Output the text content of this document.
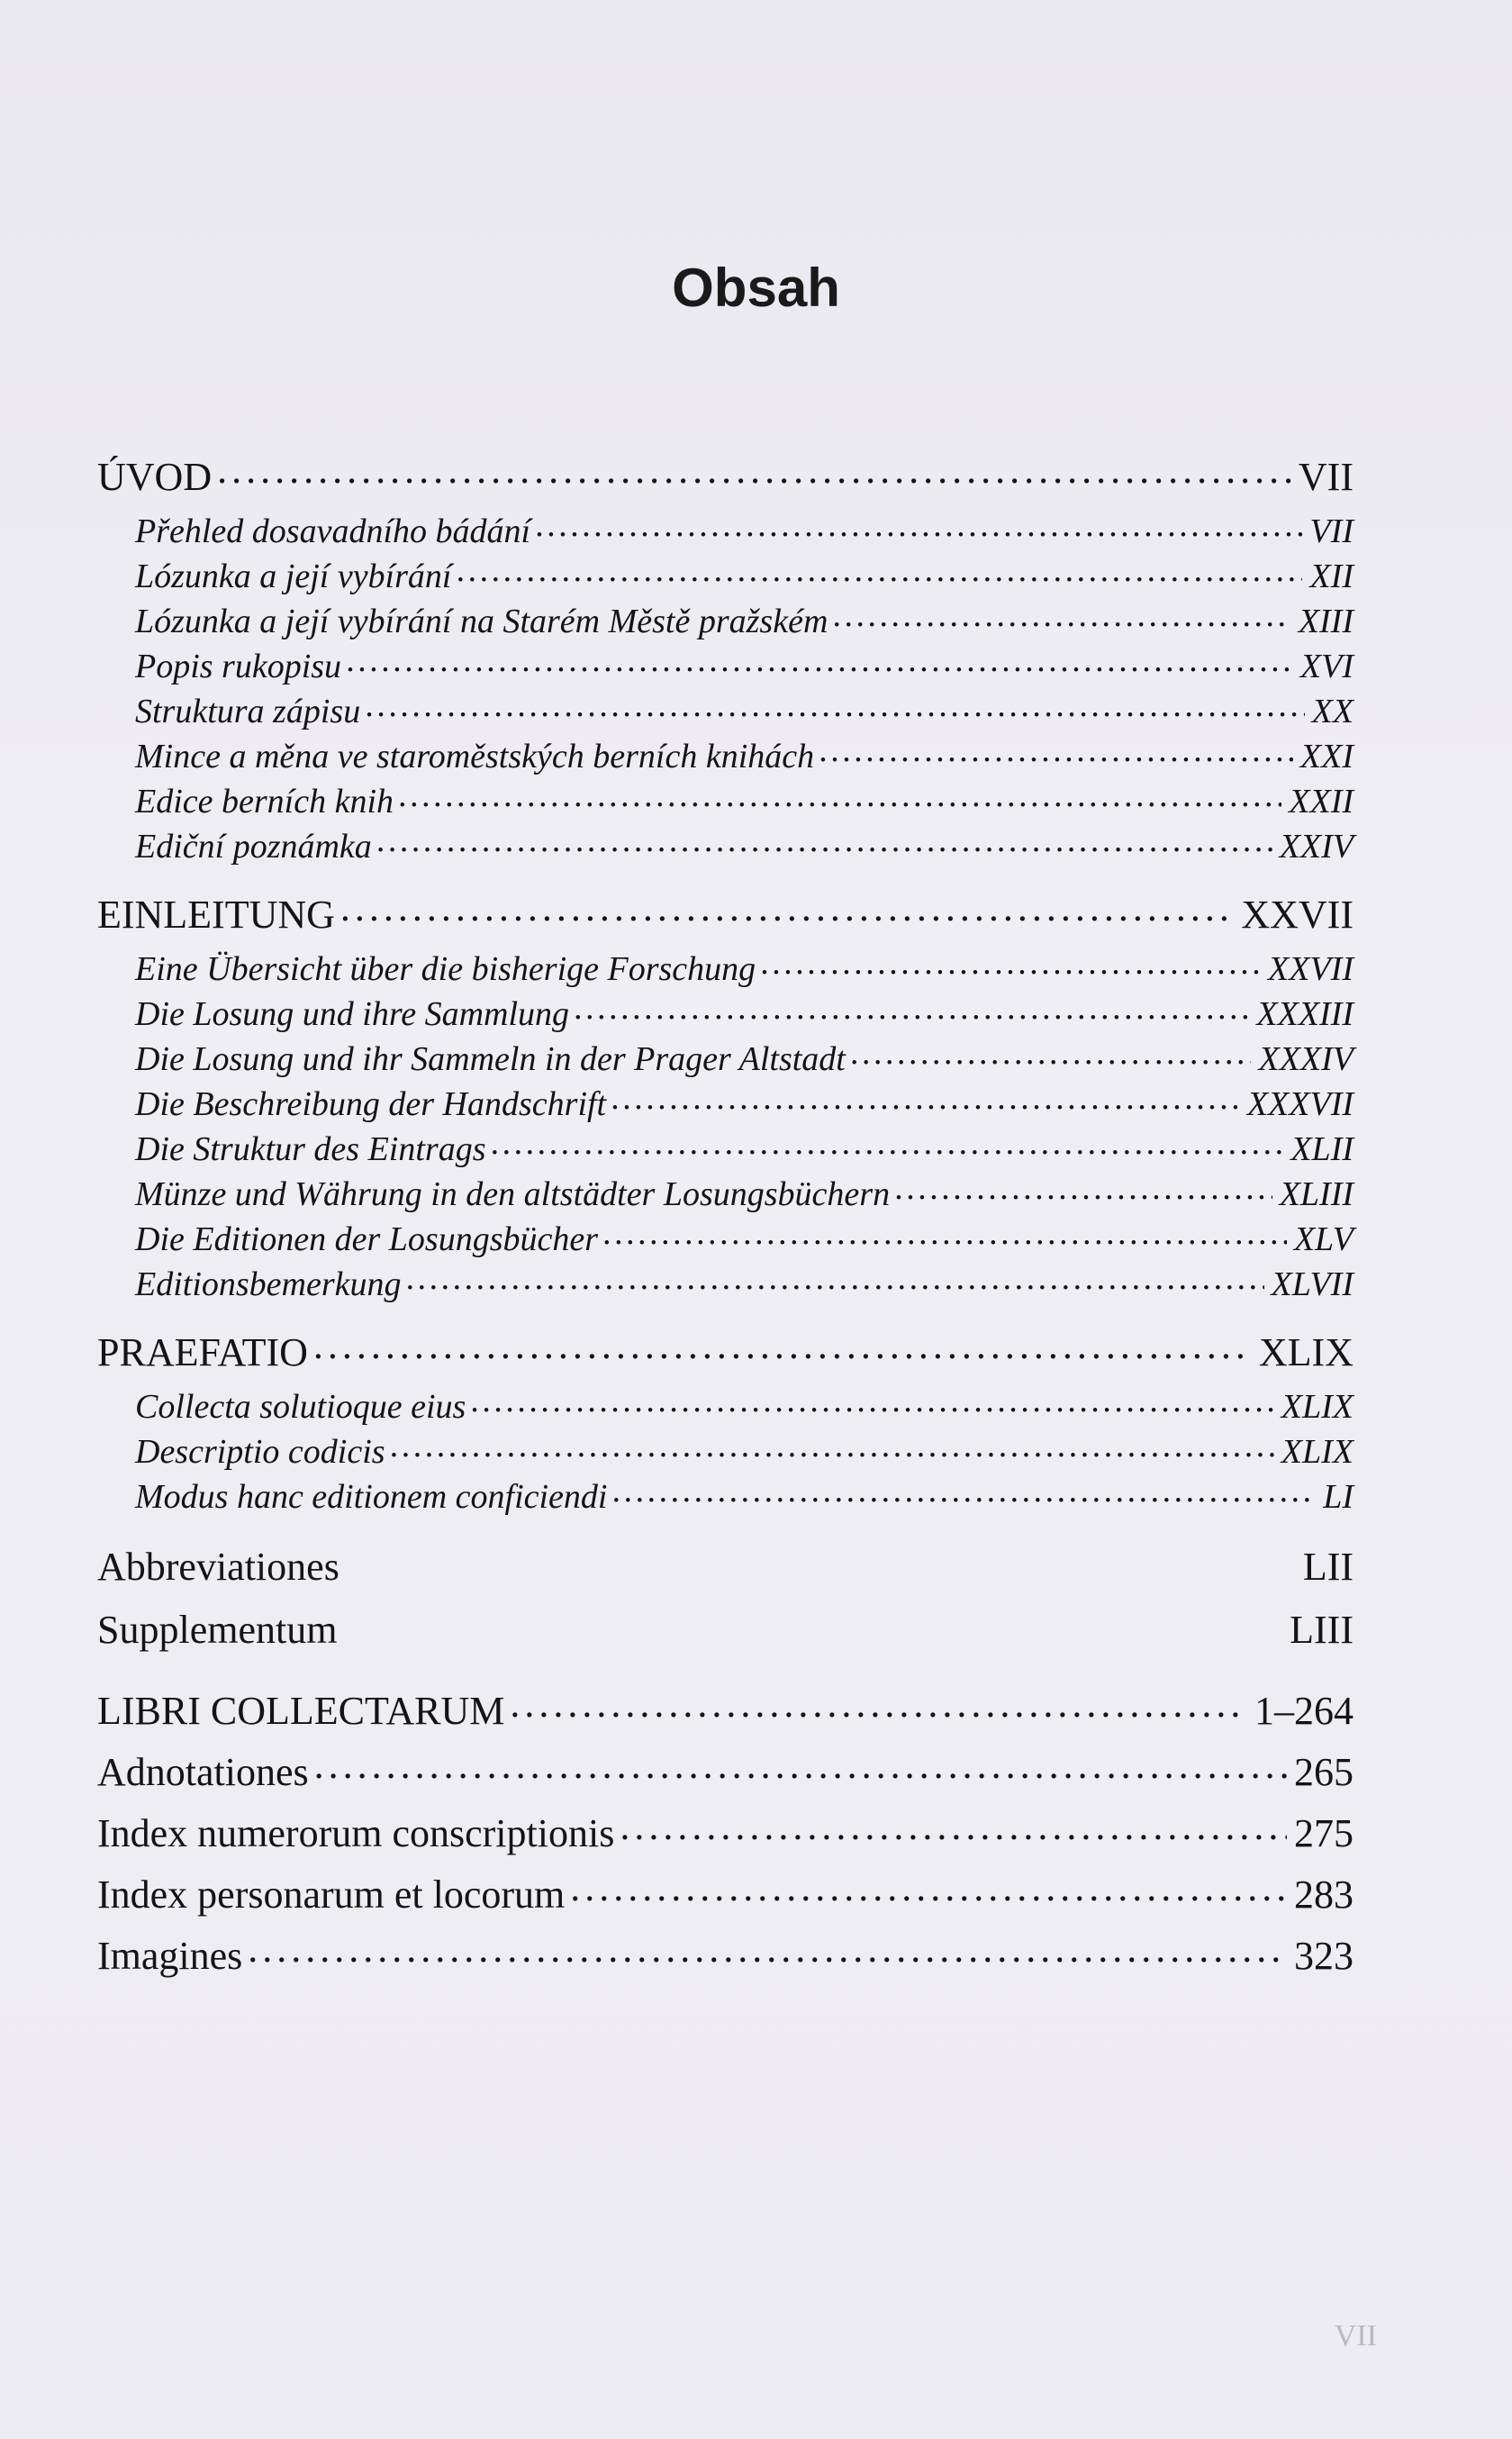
Obsah
ÚVOD . . .	VII
Přehled dosavadního bádání . . .	VII
Lózunka a její vybírání . . .	XII
Lózunka a její vybírání na Starém Městě pražském . . .	XIII
Popis rukopisu . . .	XVI
Struktura zápisu . . .	XX
Mince a měna ve staroměstských berních knihách . . .	XXI
Edice berních knih . . .	XXII
Ediční poznámka . . .	XXIV
EINLEITUNG . . .	XXVII
Eine Übersicht über die bisherige Forschung . . .	XXVII
Die Losung und ihre Sammlung . . .	XXXIII
Die Losung und ihr Sammeln in der Prager Altstadt . . .	XXXIV
Die Beschreibung der Handschrift . . .	XXXVII
Die Struktur des Eintrags . . .	XLII
Münze und Währung in den altstädter Losungsbüchern . . .	XLIII
Die Editionen der Losungsbücher . . .	XLV
Editionsbemerkung . . .	XLVII
PRAEFATIO . . .	XLIX
Collecta solutioque eius . . .	XLIX
Descriptio codicis . . .	XLIX
Modus hanc editionem conficiendi . . .	LI
Abbreviationes	LII
Supplementum	LIII
LIBRI COLLECTARUM . . .	1–264
Adnotationes . . .	265
Index numerorum conscriptionis . . .	275
Index personarum et locorum . . .	283
Imagines . . .	323
VII
